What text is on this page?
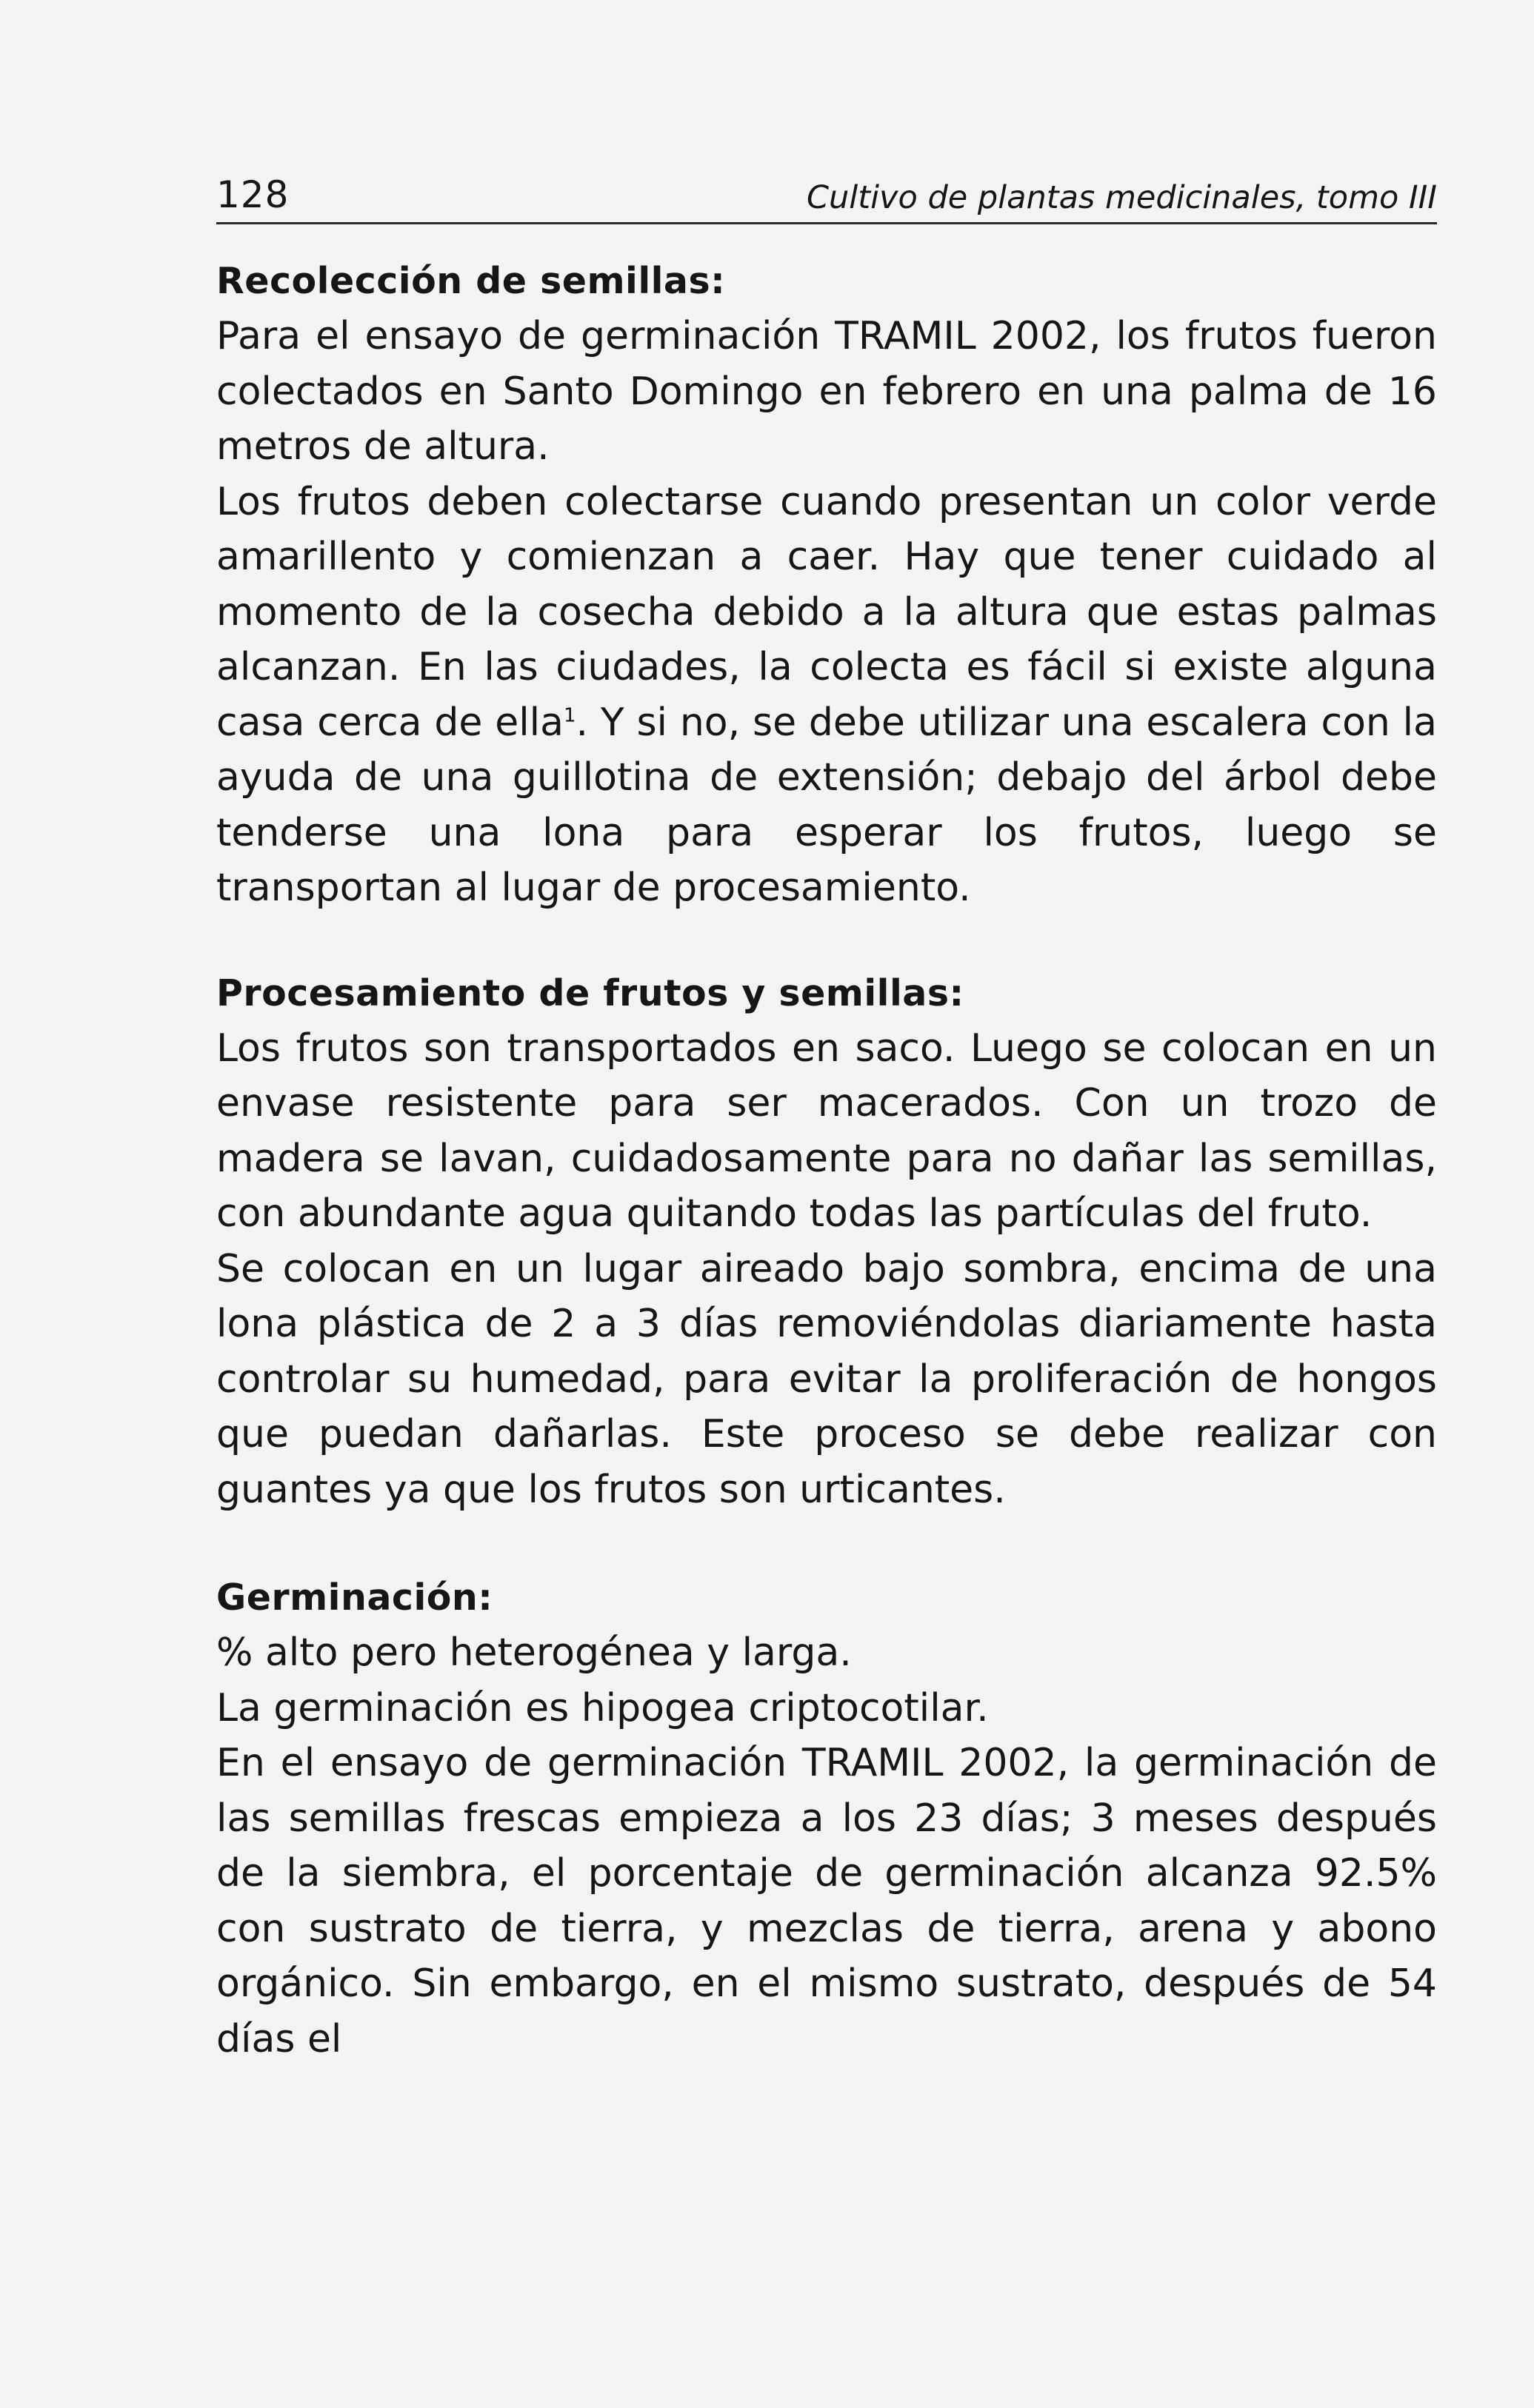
128	Cultivo de plantas medicinales, tomo III
Recolección de semillas:

Para el ensayo de germinación TRAMIL 2002, los frutos fueron colectados en Santo Domingo en febrero en una palma de 16 metros de altura.

Los frutos deben colectarse cuando presentan un color verde amarillento y comienzan a caer. Hay que tener cuidado al momento de la cosecha debido a la altura que estas palmas alcanzan. En las ciudades, la colecta es fácil si existe alguna casa cerca de ella$^1$. Y si no, se debe utilizar una escalera con la ayuda de una guillotina de extensión; debajo del árbol debe tenderse una lona para esperar los frutos, luego se transportan al lugar de procesamiento.

Procesamiento de frutos y semillas:

Los frutos son transportados en saco. Luego se colocan en un envase resistente para ser macerados. Con un trozo de madera se lavan, cuidadosamente para no dañar las semillas, con abundante agua quitando todas las partículas del fruto.

Se colocan en un lugar aireado bajo sombra, encima de una lona plástica de 2 a 3 días removiéndolas diariamente hasta controlar su humedad, para evitar la proliferación de hongos que puedan dañarlas. Este proceso se debe realizar con guantes ya que los frutos son urticantes.

Germinación:

% alto pero heterogénea y larga.

La germinación es hipogea criptocotilar.

En el ensayo de germinación TRAMIL 2002, la germinación de las semillas frescas empieza a los 23 días; 3 meses después de la siembra, el porcentaje de germinación alcanza 92.5% con sustrato de tierra, y mezclas de tierra, arena y abono orgánico. Sin embargo, en el mismo sustrato, después de 54 días el
